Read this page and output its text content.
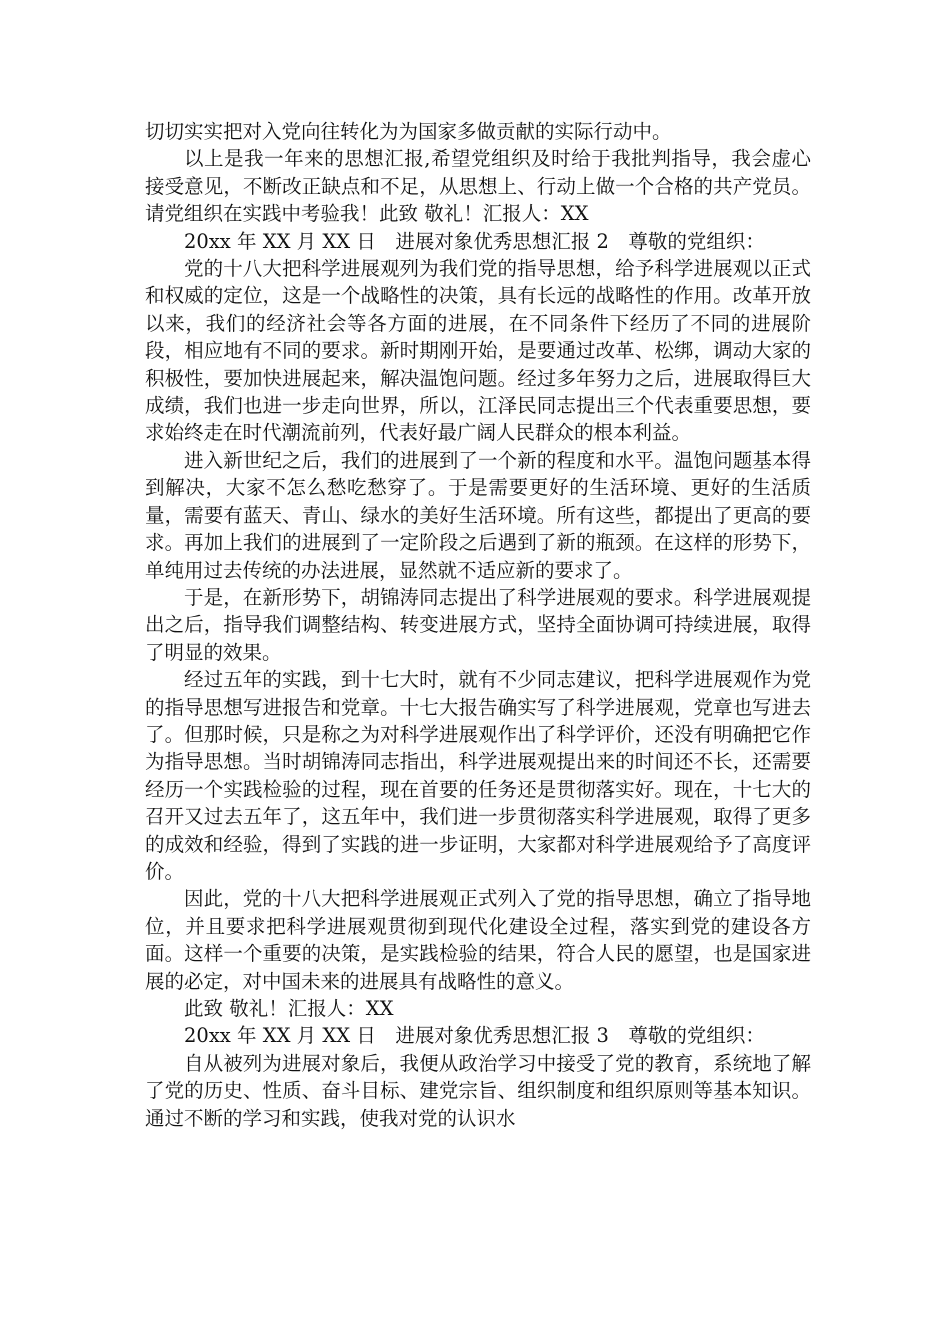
切切实实把对入党向往转化为为国家多做贡献的实际行动中。

以上是我一年来的思想汇报,希望党组织及时给于我批判指导，我会虚心接受意见，不断改正缺点和不足，从思想上、行动上做一个合格的共产党员。请党组织在实践中考验我！此致 敬礼！汇报人：XX

20xx 年 XX 月 XX 日　进展对象优秀思想汇报 2　尊敬的党组织：

党的十八大把科学进展观列为我们党的指导思想，给予科学进展观以正式和权威的定位，这是一个战略性的决策，具有长远的战略性的作用。改革开放以来，我们的经济社会等各方面的进展，在不同条件下经历了不同的进展阶段，相应地有不同的要求。新时期刚开始，是要通过改革、松绑，调动大家的积极性，要加快进展起来，解决温饱问题。经过多年努力之后，进展取得巨大成绩，我们也进一步走向世界，所以，江泽民同志提出三个代表重要思想，要求始终走在时代潮流前列，代表好最广阔人民群众的根本利益。

进入新世纪之后，我们的进展到了一个新的程度和水平。温饱问题基本得到解决，大家不怎么愁吃愁穿了。于是需要更好的生活环境、更好的生活质量，需要有蓝天、青山、绿水的美好生活环境。所有这些，都提出了更高的要求。再加上我们的进展到了一定阶段之后遇到了新的瓶颈。在这样的形势下，单纯用过去传统的办法进展，显然就不适应新的要求了。

于是，在新形势下，胡锦涛同志提出了科学进展观的要求。科学进展观提出之后，指导我们调整结构、转变进展方式，坚持全面协调可持续进展，取得了明显的效果。

经过五年的实践，到十七大时，就有不少同志建议，把科学进展观作为党的指导思想写进报告和党章。十七大报告确实写了科学进展观，党章也写进去了。但那时候，只是称之为对科学进展观作出了科学评价，还没有明确把它作为指导思想。当时胡锦涛同志指出，科学进展观提出来的时间还不长，还需要经历一个实践检验的过程，现在首要的任务还是贯彻落实好。现在，十七大的召开又过去五年了，这五年中，我们进一步贯彻落实科学进展观，取得了更多的成效和经验，得到了实践的进一步证明，大家都对科学进展观给予了高度评价。

因此，党的十八大把科学进展观正式列入了党的指导思想，确立了指导地位，并且要求把科学进展观贯彻到现代化建设全过程，落实到党的建设各方面。这样一个重要的决策，是实践检验的结果，符合人民的愿望，也是国家进展的必定，对中国未来的进展具有战略性的意义。

此致 敬礼！汇报人：XX

20xx 年 XX 月 XX 日　进展对象优秀思想汇报 3　尊敬的党组织：

自从被列为进展对象后，我便从政治学习中接受了党的教育，系统地了解了党的历史、性质、奋斗目标、建党宗旨、组织制度和组织原则等基本知识。通过不断的学习和实践，使我对党的认识水
